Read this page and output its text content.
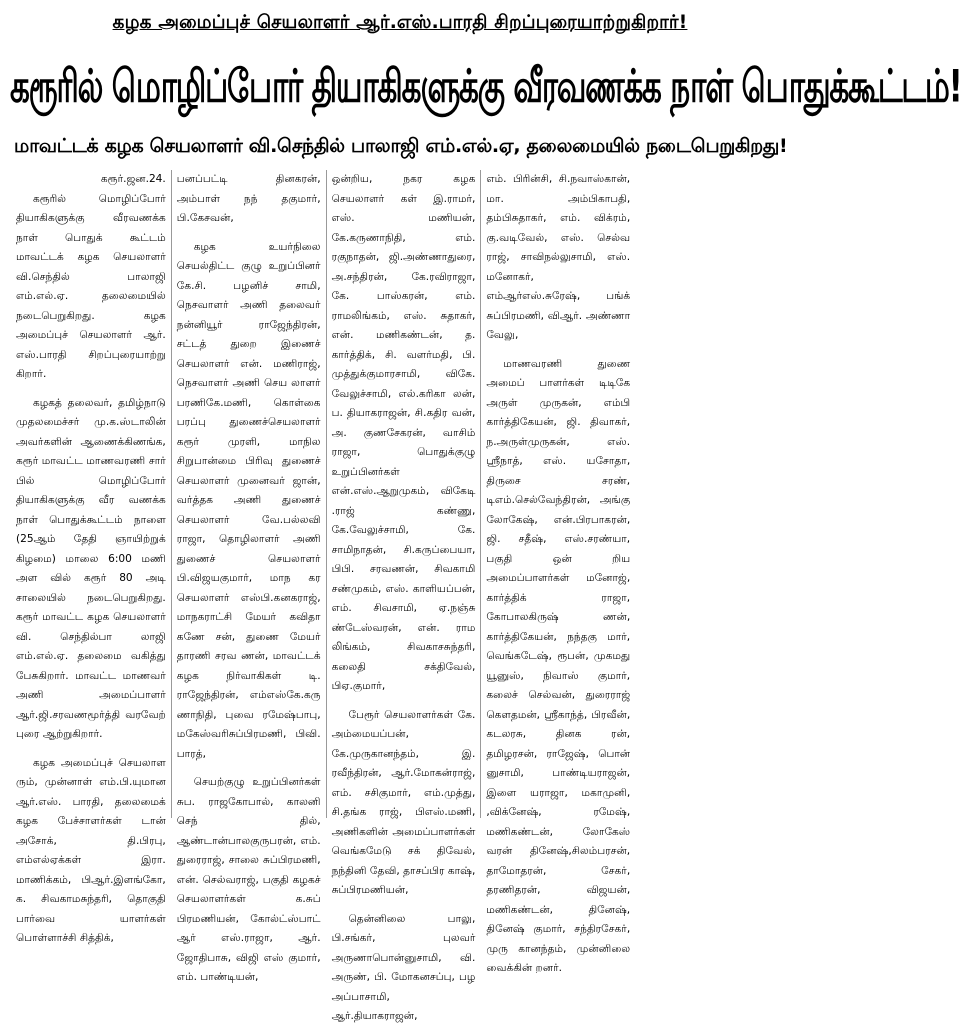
கழக அமைப்புச் செயலாளர் ஆர்.எஸ்.பாரதி சிறப்புரையாற்றுகிறார்!
கரூரில் மொழிப்போர் தியாகிகளுக்கு வீரவணக்க நாள் பொதுக்கூட்டம்!
மாவட்டக் கழக செயலாளர் வி.செந்தில் பாலாஜி எம்.எல்.ஏ, தலைமையில் நடைபெறுகிறது!

கரூர்.ஜன.24.

கரூரில் மொழிப்போர் தியாகிகளுக்கு வீரவணக்க நாள் பொதுக் கூட்டம் மாவட்டக் கழக செயலாளர் வி.செந்தில் பாலாஜி எம்.எல்.ஏ. தலைமையில் நடைபெறுகிறது. கழக அமைப்புச் செயலாளர் ஆர். எஸ்.பாரதி சிறப்புரையாற்று கிறார்.

கழகத் தலைவர், தமிழ்நாடு முதலமைச்சர் மு.க.ஸ்டாலின் அவர்களின் ஆணைக்கிணங்க, கரூர் மாவட்ட மாணவரணி சார் பில் மொழிப்போர் தியாகிகளுக்கு வீர வணக்க நாள் பொதுக்கூட்டம் நாளை (25ஆம் தேதி ஞாயிற்றுக் கிழமை) மாலை 6:00 மணி அள வில் கரூர் 80 அடி சாலையில் நடைபெறுகிறது. கரூர் மாவட்ட கழக செயலாளர் வி. செந்தில்பா லாஜி எம்.எல்.ஏ. தலைமை வகித்து பேசுகிறார். மாவட்ட மாணவர் அணி அமைப்பாளர் ஆர்.ஜி.சரவணமூர்த்தி வரவேற் புரை ஆற்றுகிறார்.

கழக அமைப்புச் செயலாள ரும், முன்னாள் எம்.பி.யுமான ஆர்.எஸ். பாரதி, தலைமைக் கழக பேச்சாளர்கள் டான் அசோக், தி.பிரபு, எம்எல்ஏக்கள் இரா. மாணிக்கம், பிஆர்.இளங்கோ, க. சிவகாமசுந்தரி, தொகுதி பார்வை யாளர்கள் பொள்ளாச்சி சித்திக்,

பனப்பட்டி தினகரன், அம்பாள் நந் தகுமார், பி.கேசவன்,

கழக உயர்நிலை செயல்திட்ட குழு உறுப்பினர் கே.சி. பழனிச் சாமி, நெசவாளர் அணி தலைவர் நன்னியூர் ராஜேந்திரன், சட்டத் துறை இணைச் செயலாளர் என். மணிராஜ், நெசவாளர் அணி செய லாளர் பரணிகே.மணி, கொள்கை பரப்பு துணைச்செயலாளர் கரூர் முரளி, மாநில சிறுபான்மை பிரிவு துணைச் செயலாளர் முனைவர் ஜான், வர்த்தக அணி துணைச் செயலாளர் வே.பல்லவி ராஜா, தொழிலாளர் அணி துணைச் செயலாளர் பி.விஜயகுமார், மாந கர செயலாளர் எஸ்பி.கனகராஜ், மாநகராட்சி மேயர் கவிதா கணே சன், துணை மேயர் தாரணி சரவ ணன், மாவட்டக் கழக நிர்வாகிகள் டி. ராஜேந்திரன், எம்எஸ்கே.கரு ணாநிதி, புவை ரமேஷ்பாபு, மகேஸ்வரிசுப்பிரமணி, பிவி. பாரத்,

செயற்குழு உறுப்பினர்கள் சுப. ராஜகோபால், காலனி செந் தில், ஆண்டான்பாலகுருபரன், எம். துரைராஜ், சாலை சுப்பிரமணி, என். செல்வராஜ், பகுதி கழகச் செயலாளர்கள் க.சுப் பிரமணியன், கோல்ட்ஸ்பாட் ஆர் எஸ்.ராஜா, ஆர். ஜோதிபாசு, விஜி எஸ் குமார், எம். பாண்டியன்,

ஒன்றிய, நகர கழக செயலாளர் கள் இ.ராமர், எஸ். மணியன், கே.கருணாநிதி, எம். ரகுநாதன், ஜி.அண்ணாதுரை, அ.சந்திரன், கே.ரவிராஜா, கே. பாஸ்கரன், எம். ராமலிங்கம், எஸ். சுதாகர், என். மணிகண்டன், த. கார்த்திக், சி. வளர்மதி, பி. முத்துக்குமாரசாமி, விகே. வேலுச்சாமி, எல்.கரிகா லன், ப. தியாகராஜன், சி.கதிர வன், அ. குணசேகரன், வாசிம் ராஜா, பொதுக்குழு உறுப்பினர்கள் என்.எஸ்.ஆறுமுகம், விகேடி .ராஜ் கண்ணு, கே.வேலுச்சாமி, கே. சாமிநாதன், சி.கருப்பையா, பிபி. சரவணன், சிவகாமி சண்முகம், எஸ். காளியப்பன், எம். சிவசாமி, ஏ.நஞ்சு ண்டேஸ்வரன், என். ராம லிங்கம், சிவகாசசுந்தரி, கலைதி சக்திவேல், பிஏ.குமார்,

பேரூர் செயலாளர்கள் கே. அம்மையப்பன், கே.முருகானந்தம், இ. ரவீந்திரன், ஆர்.மோகன்ராஜ், எம். சசிகுமார், எம்.முத்து, சி.தங்க ராஜ், பிஎஸ்.மணி, அணிகளின் அமைப்பாளர்கள் வெங்கமேடு சக் திவேல், நந்தினி தேவி, தாசப்பிர காஷ், சுப்பிரமணியன்,

தென்னிலை பாலு, பி.சங்கர், புலவர் அருணாபொன்னுசாமி, வி. அருண், பி. மோகனசப்பு, பழ அப்பாசாமி, ஆர்.தியாகராஜன்,

எம். பிரின்சி, சி.நவாஸ்கான், மா. அம்பிகாபதி, தம்பிசுதாகர், எம். விக்ரம், கு.வடிவேல், எஸ். செல்வ ராஜ், சாவிநல்லுசாமி, எஸ். மனோகர், எம்ஆர்எஸ்.சுரேஷ், பங்க் சுப்பிரமணி, விஆர். அண்ணா வேலு,

மாணவரணி துணை அமைப் பாளர்கள் டிடிகே அருள் முருகன், எம்பி கார்த்திகேயன், ஜி. திவாகர், ந.அருள்முருகன், எஸ். ஸ்ரீநாத், எஸ். யசோதா, திருசை சரண், டிஎம்.செல்வேந்திரன், அங்கு லோகேஷ், என்.பிரபாகரன், ஜி. சதீஷ், எஸ்.சரண்யா, பகுதி ஒன் றிய அமைப்பாளர்கள் மனோஜ், கார்த்திக் ராஜா, கோபாலகிருஷ் ணன், கார்த்திகேயன், நந்தகு மார், வெங்கடேஷ், ரூபன், முகமது யூனுஸ், நிவாஸ் குமார், கலைச் செல்வன், துரைராஜ் கௌதமன், ஸ்ரீகாந்த், பிரவீன், கடலரசு, தினக ரன், தமிழரசன், ராஜேஷ், பொன் னுசாமி, பாண்டியராஜன், இளை யராஜா, மகாமுனி, ,விக்னேஷ், ரமேஷ், மணிகண்டன், லோகேஸ் வரன் தினேஷ்,சிலம்பரசன், தாமோதரன், சேகர், தரணிதரன், விஜயன், மணிகண்டன், தினேஷ், தினேஷ் குமார், சந்திரசேகர், முரு கானந்தம், முன்னிலை வைக்கின் றனர்.
